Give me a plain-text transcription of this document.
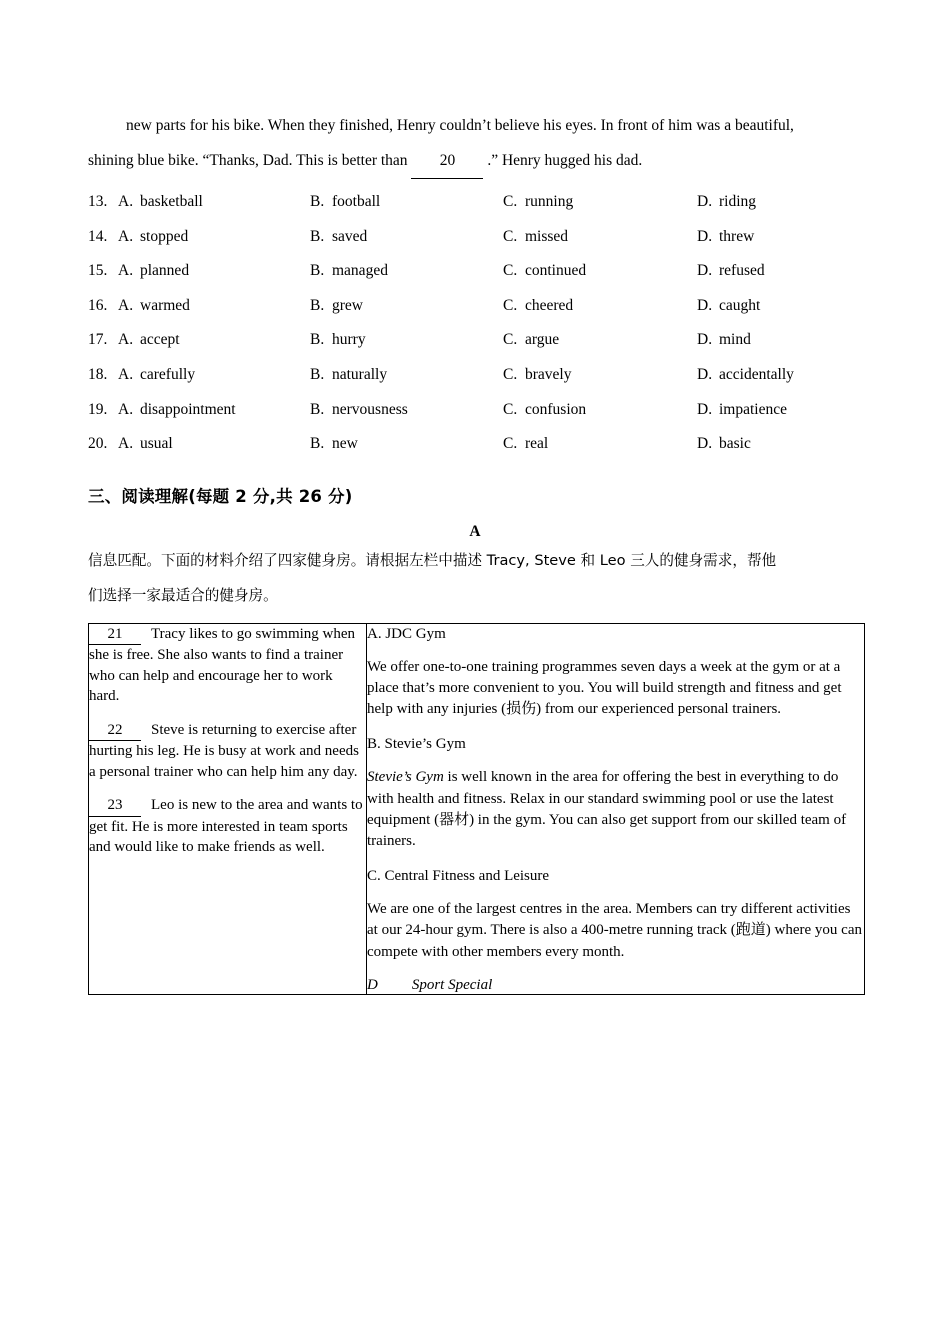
new parts for his bike. When they finished, Henry couldn’t believe his eyes. In front of him was a beautiful,
shining blue bike. “Thanks, Dad. This is better than 20 .” Henry hugged his dad.
13. A. basketball	B. football	C. running	D. riding
14. A. stopped	B. saved	C. missed	D. threw
15. A. planned	B. managed	C. continued	D. refused
16. A. warmed	B. grew	C. cheered	D. caught
17. A. accept	B. hurry	C. argue	D. mind
18. A. carefully	B. naturally	C. bravely	D. accidentally
19. A. disappointment	B. nervousness	C. confusion	D. impatience
20. A. usual	B. new	C. real	D. basic
三、阅读理解(每题 2 分,共 26 分)
A
信息匹配。下面的材料介绍了四家健身房。请根据左栏中描述 Tracy, Steve 和 Leo 三人的健身需求，帮他
们选择一家最适合的健身房。

21 Tracy likes to go swimming when she is free. She also wants to find a trainer who can help and encourage her to work hard.

22 Steve is returning to exercise after hurting his leg. He is busy at work and needs a personal trainer who can help him any day.

23 Leo is new to the area and wants to get fit. He is more interested in team sports and would like to make friends as well.

A. JDC Gym

We offer one-to-one training programmes seven days a week at the gym or at a place that’s more convenient to you. You will build strength and fitness and get help with any injuries (损伤) from our experienced personal trainers.

B. Stevie’s Gym

Stevie’s Gym is well known in the area for offering the best in everything to do with health and fitness. Relax in our standard swimming pool or use the latest equipment (器材) in the gym. You can also get support from our skilled team of trainers.

C. Central Fitness and Leisure

We are one of the largest centres in the area. Members can try different activities at our 24-hour gym. There is also a 400-metre running track (跑道) where you can compete with other members every month.

D Sport Special
